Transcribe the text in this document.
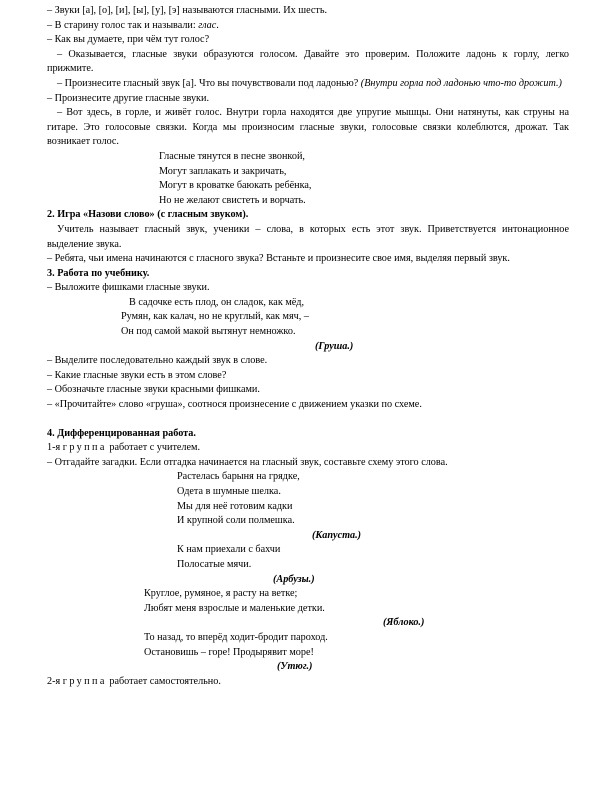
– Звуки [а], [о], [и], [ы], [у], [э] называются гласными. Их шесть.

– В старину голос так и называли: глас.

– Как вы думаете, при чём тут голос?

– Оказывается, гласные звуки образуются голосом. Давайте это проверим. Положите ладонь к горлу, легко прижмите.

– Произнесите гласный звук [а]. Что вы почувствовали под ладонью? (Внутри горла под ладонью что-то дрожит.)

– Произнесите другие гласные звуки.

– Вот здесь, в горле, и живёт голос. Внутри горла находятся две упругие мышцы. Они натянуты, как струны на гитаре. Это голосовые связки. Когда мы произносим гласные звуки, голосовые связки колеблются, дрожат. Так возникает голос.

Гласные тянутся в песне звонкой,
Могут заплакать и закричать,
Могут в кроватке баюкать ребёнка,
Но не желают свистеть и ворчать.

2. Игра «Назови слово» (с гласным звуком).

Учитель называет гласный звук, ученики – слова, в которых есть этот звук. Приветствуется интонационное выделение звука.

– Ребята, чьи имена начинаются с гласного звука? Встаньте и произнесите свое имя, выделяя первый звук.

3. Работа по учебнику.

– Выложите фишками гласные звуки.

В садочке есть плод, он сладок, как мёд,
Румян, как калач, но не круглый, как мяч, –
Он под самой макой вытянут немножко.
(Груша.)

– Выделите последовательно каждый звук в слове.

– Какие гласные звуки есть в этом слове?

– Обозначьте гласные звуки красными фишками.

– «Прочитайте» слово «груша», соотнося произнесение с движением указки по схеме.

4. Дифференцированная работа.

1-я группа работает с учителем.

– Отгадайте загадки. Если отгадка начинается на гласный звук, составьте схему этого слова.

Растелась барыня на грядке,
Одета в шумные шелка.
Мы для неё готовим кадки
И крупной соли полмешка.
(Капуста.)
К нам приехали с бахчи
Полосатые мячи.
(Арбузы.)
Круглое, румяное, я расту на ветке;
Любят меня взрослые и маленькие детки.
(Яблоко.)
То назад, то вперёд ходит-бродит пароход.
Остановишь – горе! Продырявит море!
(Утюг.)

2-я группа работает самостоятельно.
